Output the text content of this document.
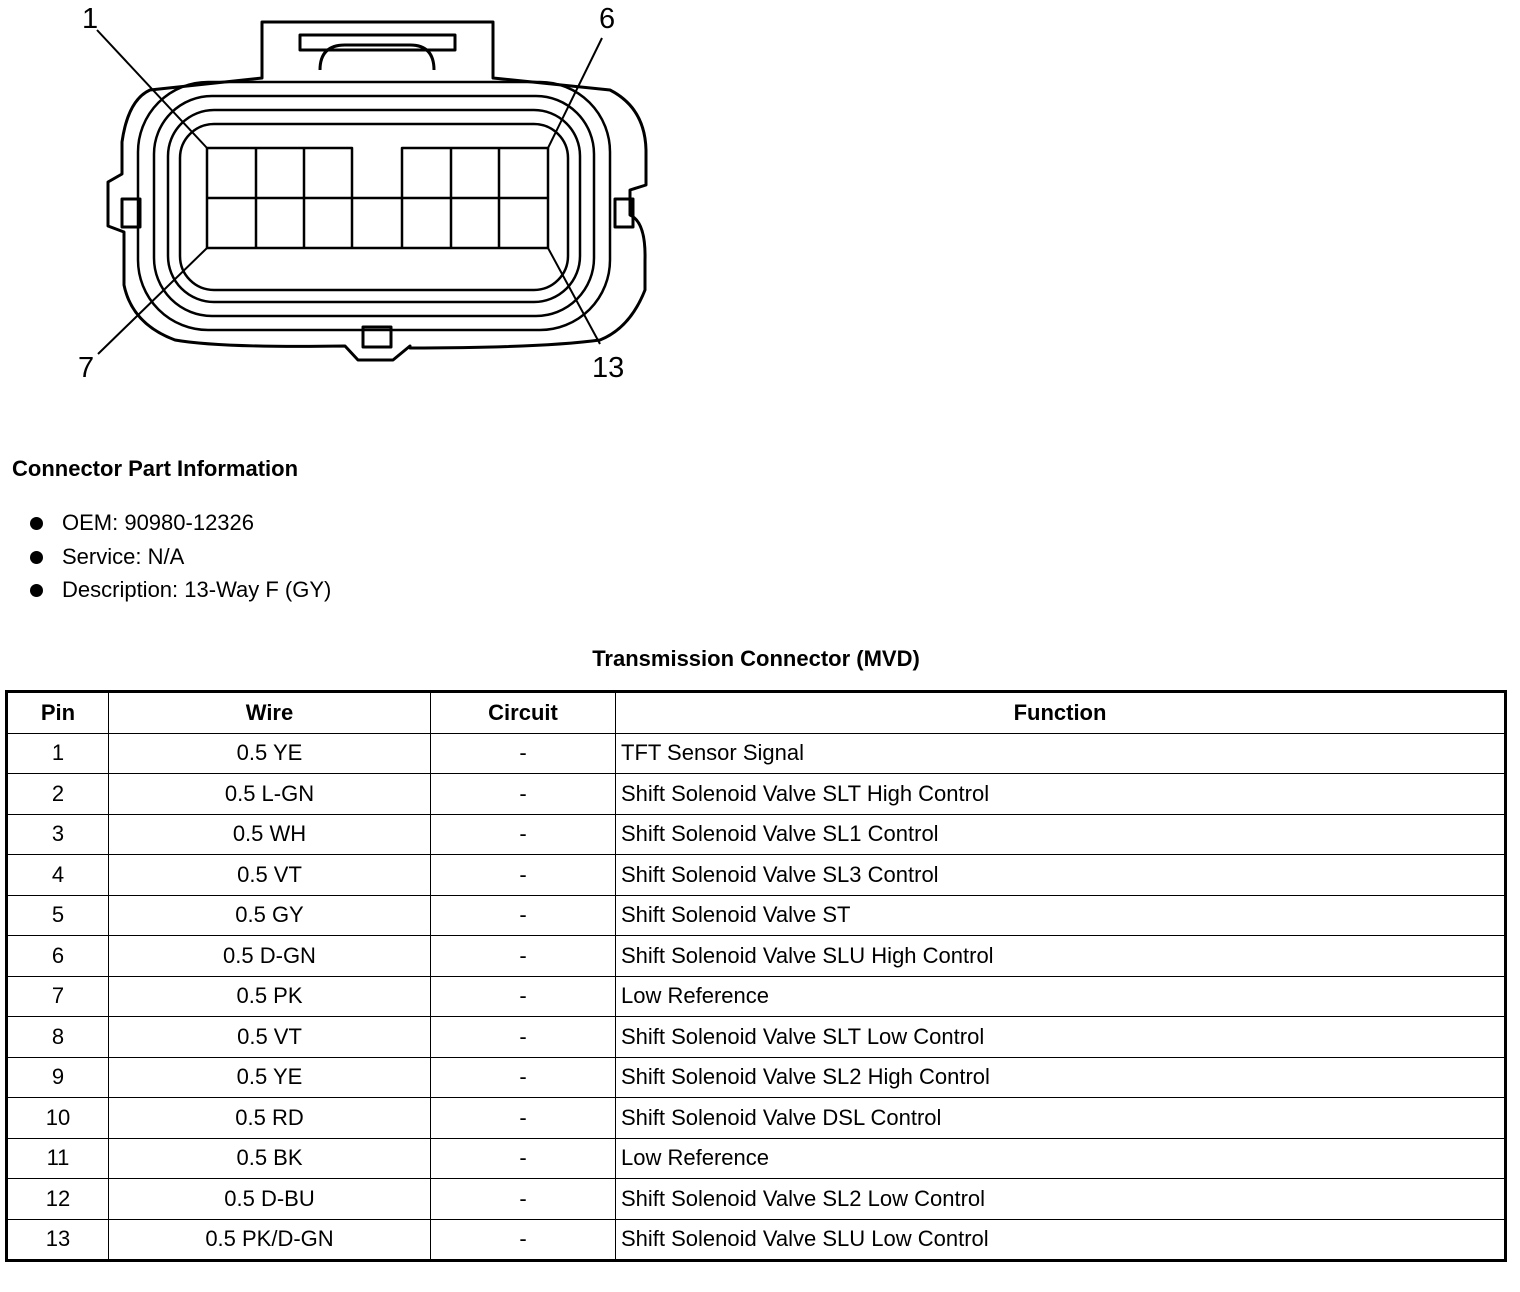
1	6
7	13
Connector Part Information
OEM: 90980-12326
Service: N/A
Description: 13-Way F (GY)
Transmission Connector (MVD)
Pin	Wire	Circuit	Function
1	0.5 YE	-	TFT Sensor Signal
2	0.5 L-GN	-	Shift Solenoid Valve SLT High Control
3	0.5 WH	-	Shift Solenoid Valve SL1 Control
4	0.5 VT	-	Shift Solenoid Valve SL3 Control
5	0.5 GY	-	Shift Solenoid Valve ST
6	0.5 D-GN	-	Shift Solenoid Valve SLU High Control
7	0.5 PK	-	Low Reference
8	0.5 VT	-	Shift Solenoid Valve SLT Low Control
9	0.5 YE	-	Shift Solenoid Valve SL2 High Control
10	0.5 RD	-	Shift Solenoid Valve DSL Control
11	0.5 BK	-	Low Reference
12	0.5 D-BU	-	Shift Solenoid Valve SL2 Low Control
13	0.5 PK/D-GN	-	Shift Solenoid Valve SLU Low Control
